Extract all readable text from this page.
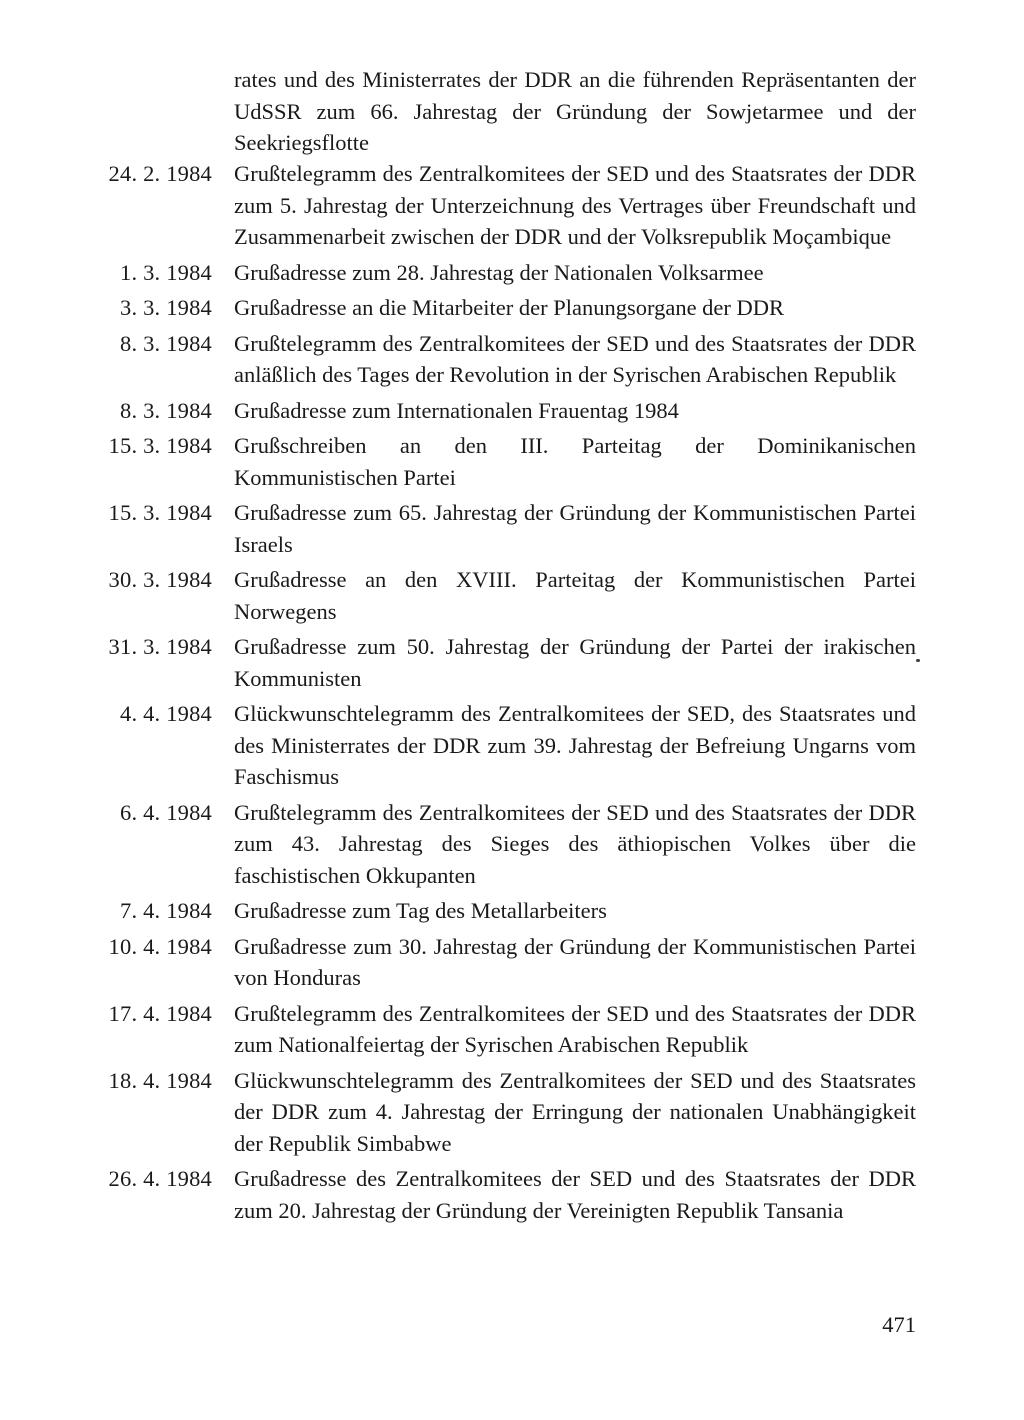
rates und des Ministerrates der DDR an die führenden Repräsentanten der UdSSR zum 66. Jahrestag der Gründung der Sowjetarmee und der Seekriegsflotte
24. 2. 1984 Grußtelegramm des Zentralkomitees der SED und des Staatsrates der DDR zum 5. Jahrestag der Unterzeichnung des Vertrages über Freundschaft und Zusammenarbeit zwischen der DDR und der Volksrepublik Moçambique
1. 3. 1984 Grußadresse zum 28. Jahrestag der Nationalen Volksarmee
3. 3. 1984 Grußadresse an die Mitarbeiter der Planungsorgane der DDR
8. 3. 1984 Grußtelegramm des Zentralkomitees der SED und des Staatsrates der DDR anläßlich des Tages der Revolution in der Syrischen Arabischen Republik
8. 3. 1984 Grußadresse zum Internationalen Frauentag 1984
15. 3. 1984 Grußschreiben an den III. Parteitag der Dominikanischen Kommunistischen Partei
15. 3. 1984 Grußadresse zum 65. Jahrestag der Gründung der Kommunistischen Partei Israels
30. 3. 1984 Grußadresse an den XVIII. Parteitag der Kommunistischen Partei Norwegens
31. 3. 1984 Grußadresse zum 50. Jahrestag der Gründung der Partei der irakischen Kommunisten
4. 4. 1984 Glückwunschtelegramm des Zentralkomitees der SED, des Staatsrates und des Ministerrates der DDR zum 39. Jahrestag der Befreiung Ungarns vom Faschismus
6. 4. 1984 Grußtelegramm des Zentralkomitees der SED und des Staatsrates der DDR zum 43. Jahrestag des Sieges des äthiopischen Volkes über die faschistischen Okkupanten
7. 4. 1984 Grußadresse zum Tag des Metallarbeiters
10. 4. 1984 Grußadresse zum 30. Jahrestag der Gründung der Kommunistischen Partei von Honduras
17. 4. 1984 Grußtelegramm des Zentralkomitees der SED und des Staatsrates der DDR zum Nationalfeiertag der Syrischen Arabischen Republik
18. 4. 1984 Glückwunschtelegramm des Zentralkomitees der SED und des Staatsrates der DDR zum 4. Jahrestag der Erringung der nationalen Unabhängigkeit der Republik Simbabwe
26. 4. 1984 Grußadresse des Zentralkomitees der SED und des Staatsrates der DDR zum 20. Jahrestag der Gründung der Vereinigten Republik Tansania
471
